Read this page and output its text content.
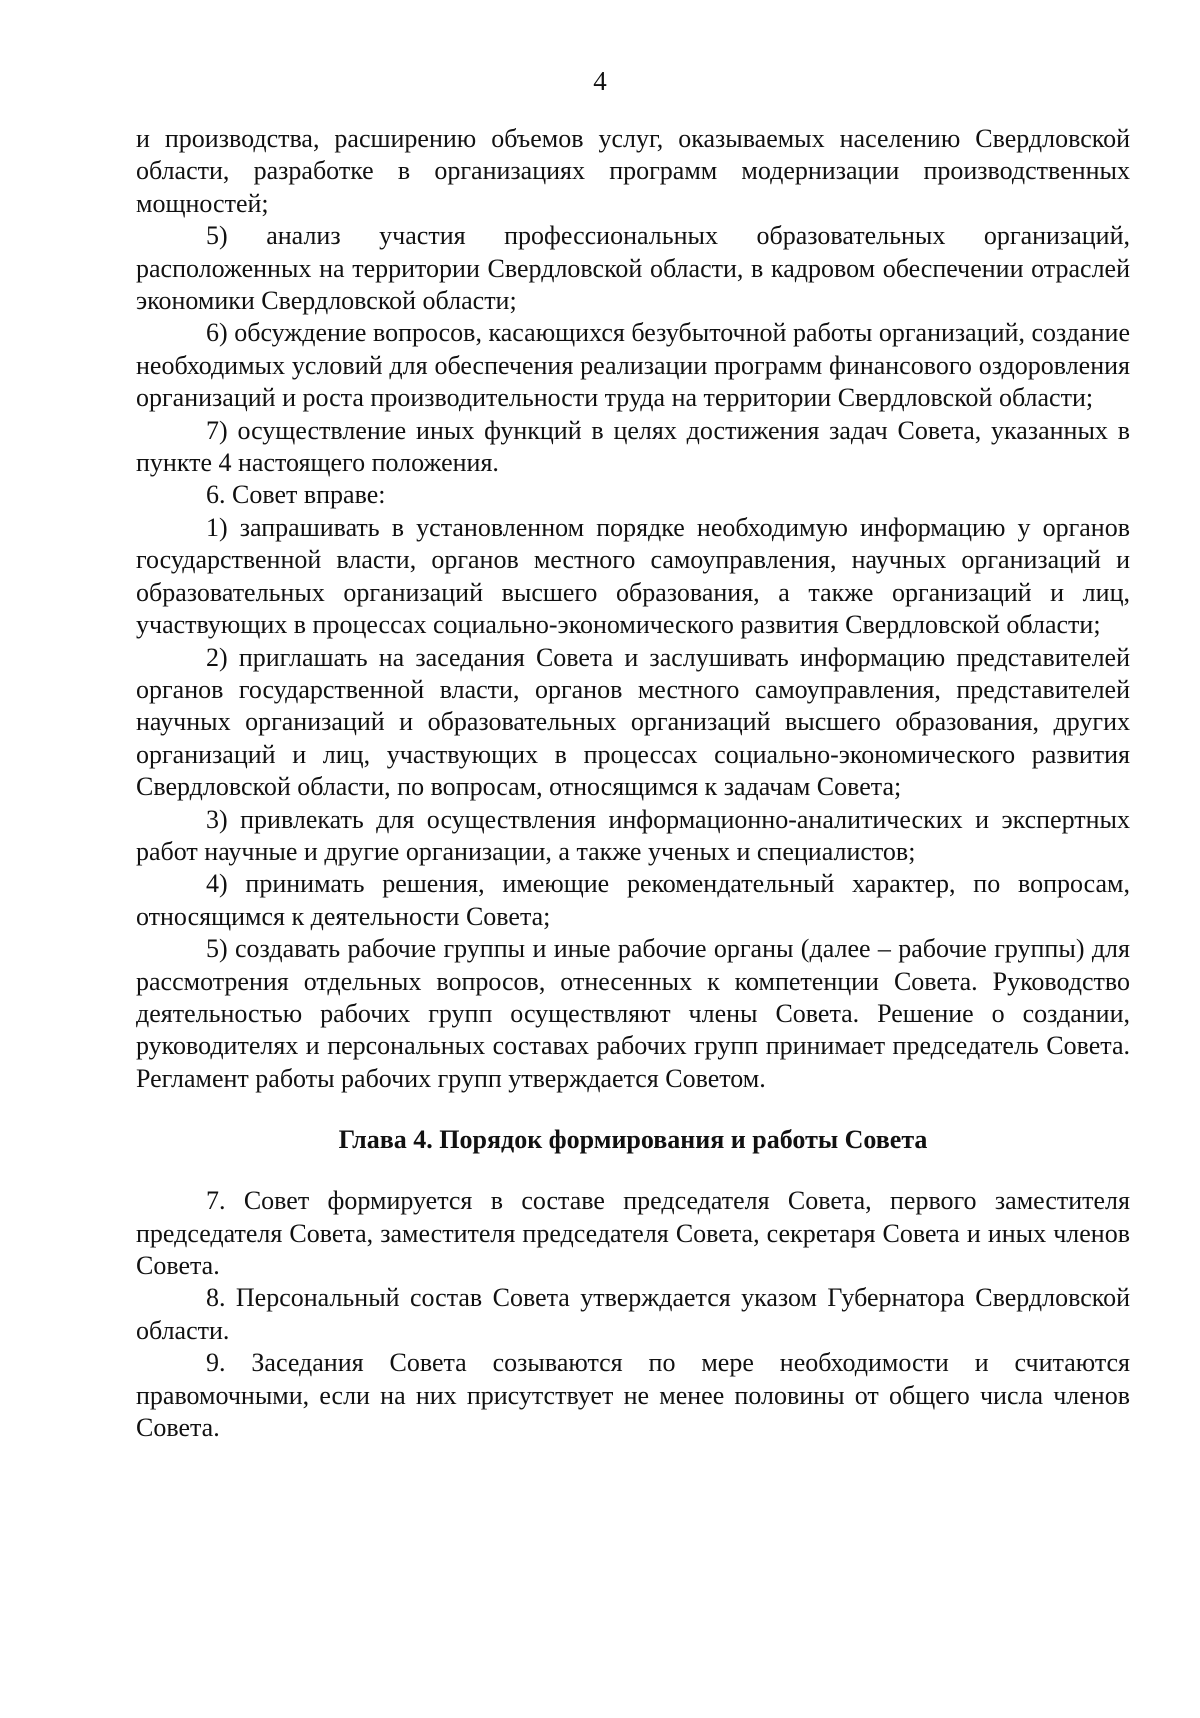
4

и производства, расширению объемов услуг, оказываемых населению Свердловской области, разработке в организациях программ модернизации производственных мощностей;

5) анализ участия профессиональных образовательных организаций, расположенных на территории Свердловской области, в кадровом обеспечении отраслей экономики Свердловской области;

6) обсуждение вопросов, касающихся безубыточной работы организаций, создание необходимых условий для обеспечения реализации программ финансового оздоровления организаций и роста производительности труда на территории Свердловской области;

7) осуществление иных функций в целях достижения задач Совета, указанных в пункте 4 настоящего положения.

6. Совет вправе:

1) запрашивать в установленном порядке необходимую информацию у органов государственной власти, органов местного самоуправления, научных организаций и образовательных организаций высшего образования, а также организаций и лиц, участвующих в процессах социально-экономического развития Свердловской области;

2) приглашать на заседания Совета и заслушивать информацию представителей органов государственной власти, органов местного самоуправления, представителей научных организаций и образовательных организаций высшего образования, других организаций и лиц, участвующих в процессах социально-экономического развития Свердловской области, по вопросам, относящимся к задачам Совета;

3) привлекать для осуществления информационно-аналитических и экспертных работ научные и другие организации, а также ученых и специалистов;

4) принимать решения, имеющие рекомендательный характер, по вопросам, относящимся к деятельности Совета;

5) создавать рабочие группы и иные рабочие органы (далее – рабочие группы) для рассмотрения отдельных вопросов, отнесенных к компетенции Совета. Руководство деятельностью рабочих групп осуществляют члены Совета. Решение о создании, руководителях и персональных составах рабочих групп принимает председатель Совета. Регламент работы рабочих групп утверждается Советом.

Глава 4. Порядок формирования и работы Совета

7. Совет формируется в составе председателя Совета, первого заместителя председателя Совета, заместителя председателя Совета, секретаря Совета и иных членов Совета.

8. Персональный состав Совета утверждается указом Губернатора Свердловской области.

9. Заседания Совета созываются по мере необходимости и считаются правомочными, если на них присутствует не менее половины от общего числа членов Совета.
